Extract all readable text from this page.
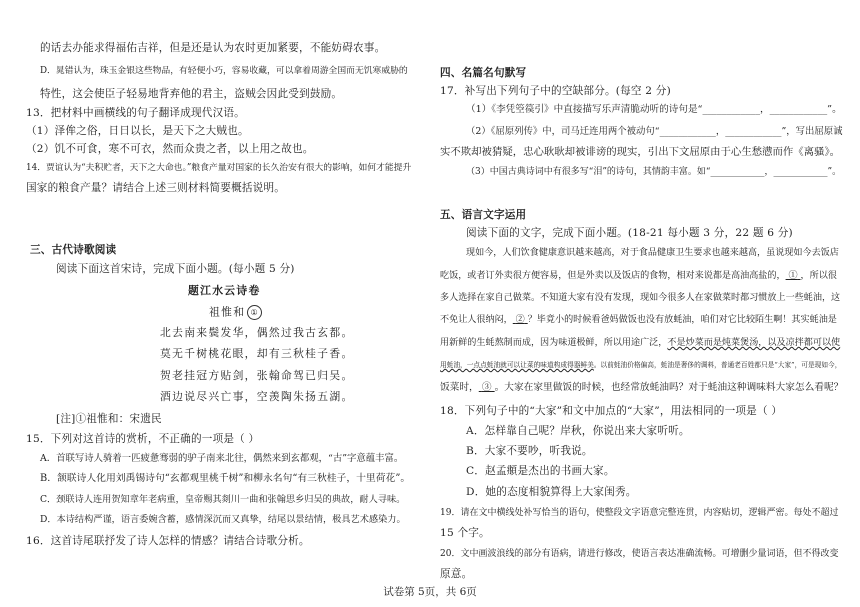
的话去办能求得福佑吉祥，但是还是认为农时更加紧要，不能妨碍农事。
D．晁错认为，珠玉金银这些物品，有轻便小巧，容易收藏，可以拿着周游全国而无饥寒威胁的
特性，这会使臣子轻易地背弃他的君主，盗贼会因此受到鼓励。
13．把材料中画横线的句子翻译成现代汉语。
（1）泽侔之俗，日日以长，是天下之大贼也。
（2）饥不可食，寒不可衣，然而众贵之者，以上用之故也。
14．贾谊认为“夫积贮者，天下之大命也。”粮食产量对国家的长久治安有很大的影响，如何才能提升
国家的粮食产量？请结合上述三则材料简要概括说明。
三、古代诗歌阅读
阅读下面这首宋诗，完成下面小题。(每小题 5 分)
题江水云诗卷
祖惟和 ①
北去南来鬓发华，偶然过我古玄都。
莫无千树桃花眼，却有三秋桂子香。
贺老挂冠方贴剑，张翰命驾已归吴。
酒边说尽兴亡事，空羡陶朱扬五湖。
[注]①祖惟和：宋遗民
15．下列对这首诗的赏析，不正确的一项是（ ）
A．首联写诗人骑着一匹疲惫骞弱的驴子南来北往，偶然来到玄都观，“古”字意蕴丰富。
B．颔联诗人化用刘禹锡诗句“玄都观里桃千树”和柳永名句“有三秋桂子，十里荷花”。
C．颈联诗人连用贺知章年老病重，皇帝赐其剡川一曲和张翰思乡归吴的典故，耐人寻味。
D．本诗结构严谨，语言委婉含蓄，感情深沉而又真挚，结尾以景结情，极具艺术感染力。
16．这首诗尾联抒发了诗人怎样的情感？请结合诗歌分析。
四、名篇名句默写
17．补写出下列句子中的空缺部分。(每空 2 分)
（1）《李凭箜篌引》中直接描写乐声清脆动听的诗句是“____________，____________”。
（2）《屈原列传》中，司马迁连用两个被动句“____________，____________”，写出屈原诚
实不欺却被猜疑，忠心耿耿却被诽谤的现实，引出下文屈原由于心生愁懑而作《离骚》。
（3）中国古典诗词中有很多写“泪”的诗句，其情韵丰富。如“____________，____________”。
五、语言文字运用
阅读下面的文字，完成下面小题。(18-21 每小题 3 分，22 题 6 分)
现如今，人们饮食健康意识越来越高，对于食品健康卫生要求也越来越高，虽说现如今去饭店
吃饭，或者订外卖很方便容易，但是外卖以及饭店的食物，相对来说都是高油高盐的， ① ，所以很
多人选择在家自己做菜。不知道大家有没有发现，现如今很多人在家做菜时都习惯放上一些蚝油，这
不免让人很纳闷， ② ？毕竟小的时候看爸妈做饭也没有放蚝油，咱们对它比较陌生啊！其实蚝油是
用新鲜的生蚝熬制而成，因为味道极鲜，所以用途广泛，不是炒菜而是炖菜煲汤，以及凉拌都可以使
用蚝油，一点点蚝油就可以让菜的味道构成得器鲜美。以前蚝油价格偏高，蚝油是奢侈的调料，普通老百姓都只是“大家”，可是现如今，
饭菜时， ③ 。大家在家里做饭的时候，也经常放蚝油吗？对于蚝油这种调味料大家怎么看呢？
18．下列句子中的“大家”和文中加点的“大家”，用法相同的一项是（ ）
A．怎样靠自己呢？岸秋，你说出来大家听听。
B．大家不要吵，听我说。
C．赵孟頫是杰出的书画大家。
D．她的态度相貌算得上大家闺秀。
19．请在文中横线处补写恰当的语句，使整段文字语意完整连贯，内容贴切，逻辑严密。每处不超过
15 个字。
20．文中画波浪线的部分有语病，请进行修改，使语言表达准确流畅。可增删少量词语，但不得改变
原意。
试卷第 5页，共 6页
